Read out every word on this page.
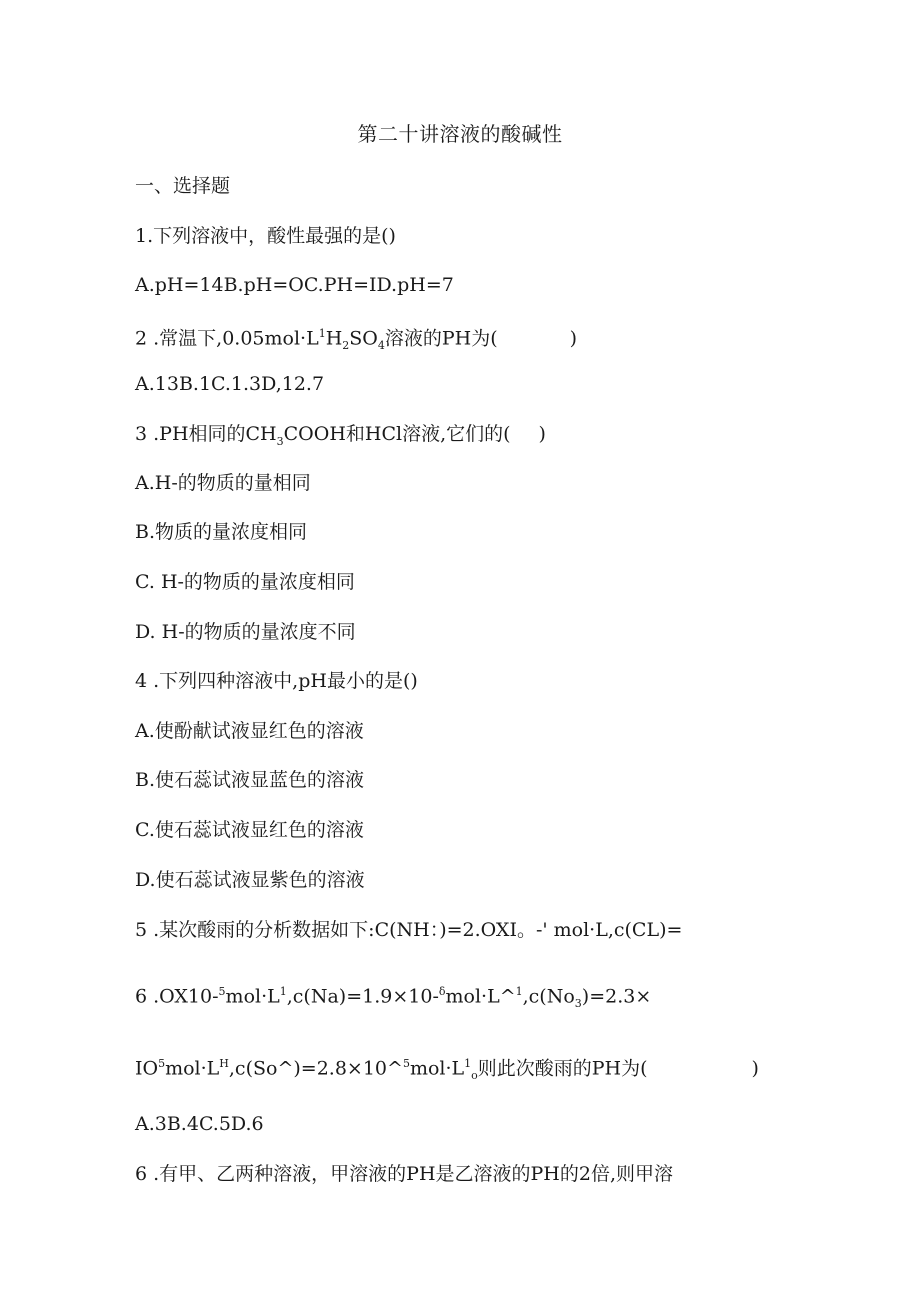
第二十讲溶液的酸碱性
一、选择题
1.下列溶液中，酸性最强的是()
A.pH=14B.pH=OC.PH=ID.pH=7
2 .常温下$,0.05mol\cdot L^1H_2SO_4$溶液的PH为(	)
A.13B.1C.1.3D,12.7
3 .PH相同的$CH_3COOH$和HCl溶液,它们的( )
A.H-的物质的量相同
B.物质的量浓度相同
C. H-的物质的量浓度相同
D. H-的物质的量浓度不同
4 .下列四种溶液中,pH最小的是()
A.使酚献试液显红色的溶液
B.使石蕊试液显蓝色的溶液
C.使石蕊试液显红色的溶液
D.使石蕊试液显紫色的溶液
5 .某次酸雨的分析数据如下:C(NH：)=2.OXI。-' mol·L,c(CL)=
6 $.OX10-^5mol\cdot L^1,c(Na)=1.9\times 10-^\delta mol\cdot L\^{}^1,c(No_3)=2.3\times$
$IO^5mol\cdot L^H,c(So\^{})=2.8\times 10\^{}^5mol\cdot L^1_o$则此次酸雨的PH为(	)
A.3B.4C.5D.6
6 .有甲、乙两种溶液，甲溶液的PH是乙溶液的PH的2倍,则甲溶
